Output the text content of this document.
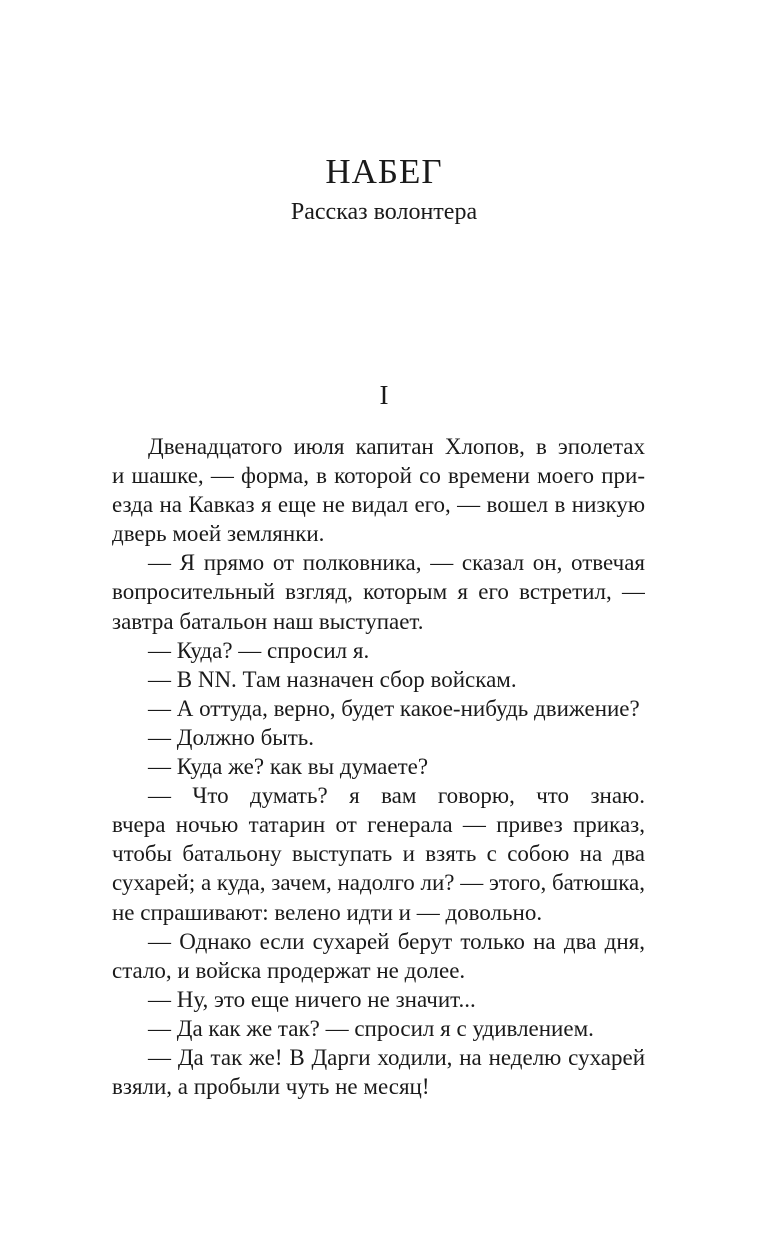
НАБЕГ
Рассказ волонтера
I
Двенадцатого июля капитан Хлопов, в эполетах
и шашке, — форма, в которой со времени моего при-
езда на Кавказ я еще не видал его, — вошел в низкую
дверь моей землянки.
— Я прямо от полковника, — сказал он, отвечая
вопросительный взгляд, которым я его встретил, —
завтра батальон наш выступает.
— Куда? — спросил я.
— В NN. Там назначен сбор войскам.
— А оттуда, верно, будет какое-нибудь движение?
— Должно быть.
— Куда же? как вы думаете?
— Что думать? я вам говорю, что знаю.
вчера ночью татарин от генерала — привез приказ,
чтобы батальону выступать и взять с собою на два
сухарей; а куда, зачем, надолго ли? — этого, батюшка,
не спрашивают: велено идти и — довольно.
— Однако если сухарей берут только на два дня,
стало, и войска продержат не долее.
— Ну, это еще ничего не значит...
— Да как же так? — спросил я с удивлением.
— Да так же! В Дарги ходили, на неделю сухарей
взяли, а пробыли чуть не месяц!
